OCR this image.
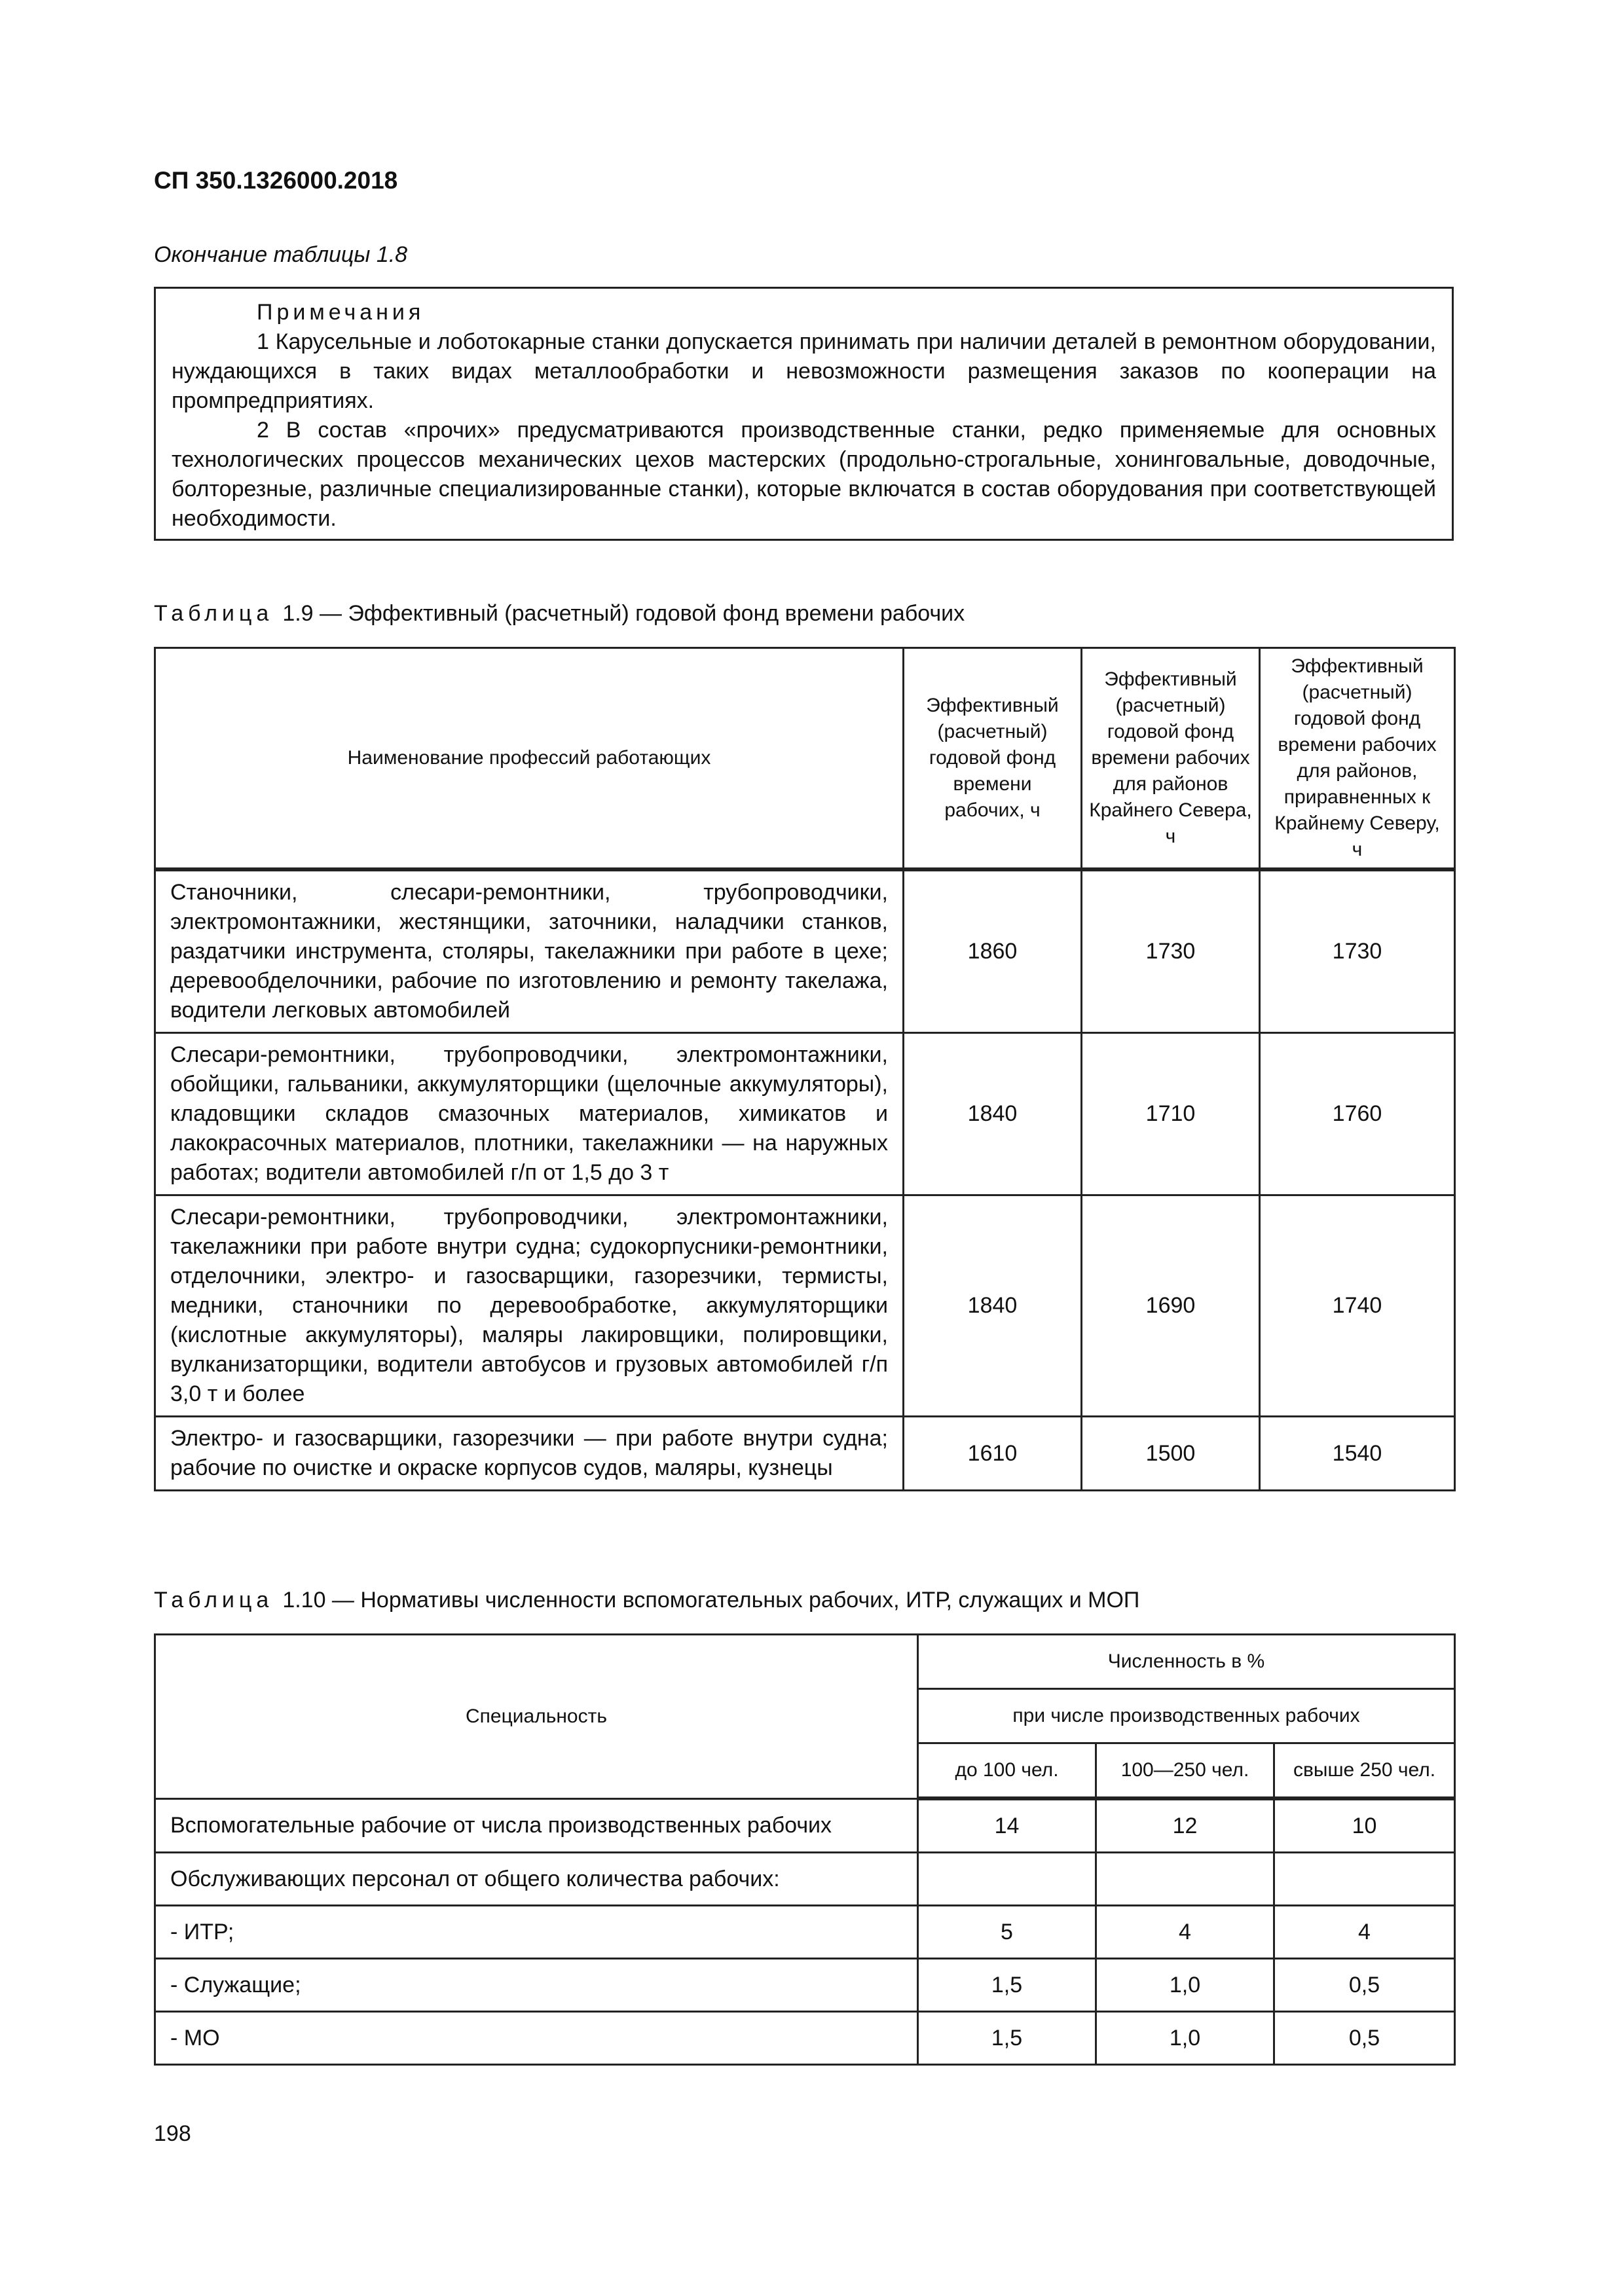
СП 350.1326000.2018
Окончание таблицы 1.8

Примечания

1 Карусельные и лоботокарные станки допускается принимать при наличии деталей в ремонтном оборудовании, нуждающихся в таких видах металлообработки и невозможности размещения заказов по кооперации на промпредприятиях.

2 В состав «прочих» предусматриваются производственные станки, редко применяемые для основных технологических процессов механических цехов мастерских (продольно-строгальные, хонинговальные, доводочные, болторезные, различные специализированные станки), которые включатся в состав оборудования при соответствующей необходимости.

Таблица 1.9 — Эффективный (расчетный) годовой фонд времени рабочих
Наименование профессий работающих	Эффективный (расчетный) годовой фонд времени рабочих, ч	Эффективный (расчетный) годовой фонд времени рабочих для районов Крайнего Севера, ч	Эффективный (расчетный) годовой фонд времени рабочих для районов, приравненных к Крайнему Северу, ч
Станочники, слесари-ремонтники, трубопроводчики, электромонтажники, жестянщики, заточники, наладчики станков, раздатчики инструмента, столяры, такелажники при работе в цехе; деревообделочники, рабочие по изготовлению и ремонту такелажа, водители легковых автомобилей	1860	1730	1730
Слесари-ремонтники, трубопроводчики, электромонтажники, обойщики, гальваники, аккумуляторщики (щелочные аккумуляторы), кладовщики складов смазочных материалов, химикатов и лакокрасочных материалов, плотники, такелажники — на наружных работах; водители автомобилей г/п от 1,5 до 3 т	1840	1710	1760
Слесари-ремонтники, трубопроводчики, электромонтажники, такелажники при работе внутри судна; судокорпусники-ремонтники, отделочники, электро- и газосварщики, газорезчики, термисты, медники, станочники по деревообработке, аккумуляторщики (кислотные аккумуляторы), маляры лакировщики, полировщики, вулканизаторщики, водители автобусов и грузовых автомобилей г/п 3,0 т и более	1840	1690	1740
Электро- и газосварщики, газорезчики — при работе внутри судна; рабочие по очистке и окраске корпусов судов, маляры, кузнецы	1610	1500	1540
Таблица 1.10 — Нормативы численности вспомогательных рабочих, ИТР, служащих и МОП
Специальность	Численность в %		
	при числе производственных рабочих		
	до 100 чел.	100—250 чел.	свыше 250 чел.
Вспомогательные рабочие от числа производственных рабочих	14	12	10
Обслуживающих персонал от общего количества рабочих:			
- ИТР;	5	4	4
- Служащие;	1,5	1,0	0,5
- МО	1,5	1,0	0,5
198
